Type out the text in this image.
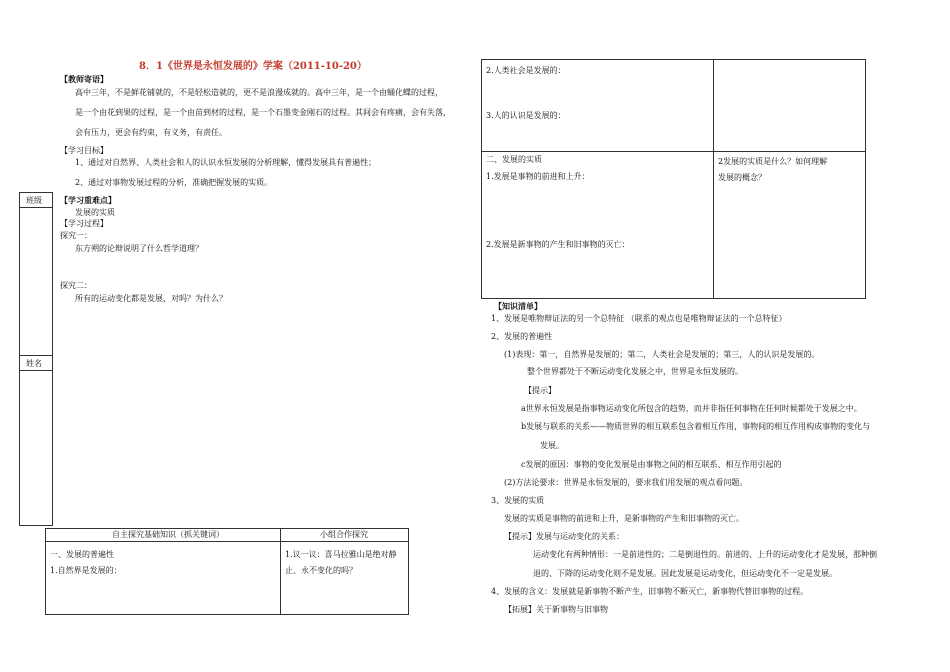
8．1《世界是永恒发展的》学案（2011-10-20）
班级
姓名
【教师寄语】
高中三年，不是鲜花铺就的，不是轻松造就的，更不是浪漫成就的。高中三年，是一个由蛹化蝶的过程，
是一个由花到果的过程，是一个由苗到材的过程，是一个石墨变金刚石的过程。其间会有疼痛，会有失落，
会有压力，更会有约束，有义务，有责任。
【学习目标】
1、通过对自然界、人类社会和人的认识永恒发展的分析理解，懂得发展具有普遍性；
2、通过对事物发展过程的分析，准确把握发展的实质。
【学习重难点】
发展的实质
【学习过程】
探究一：
东方朔的论辩说明了什么哲学道理？
探究二：
所有的运动变化都是发展，对吗？为什么？
自主探究基础知识（抓关键词）	小组合作探究
一、发展的普遍性
1.自然界是发展的：
1.议一议：喜马拉雅山是绝对静
止、永不变化的吗？
2.人类社会是发展的：
3.人的认识是发展的：
二、发展的实质
1.发展是事物的前进和上升：
2.发展是新事物的产生和旧事物的灭亡：
2发展的实质是什么？如何理解
发展的概念？
【知识清单】
1、发展是唯物辩证法的另一个总特征 （联系的观点也是唯物辩证法的一个总特征）
2、发展的普遍性
(1)表现：第一，自然界是发展的；第二，人类社会是发展的；第三，人的认识是发展的。
整个世界都处于不断运动变化发展之中，世界是永恒发展的。
【提示】
a世界永恒发展是指事物运动变化所包含的趋势，而并非指任何事物在任何时候都处于发展之中。
b发展与联系的关系——物质世界的相互联系包含着相互作用，事物间的相互作用构成事物的变化与
发展。
c发展的原因：事物的变化发展是由事物之间的相互联系、相互作用引起的
(2)方法论要求：世界是永恒发展的，要求我们用发展的观点看问题。
3、发展的实质
发展的实质是事物的前进和上升，是新事物的产生和旧事物的灭亡。
【提示】发展与运动变化的关系：
运动变化有两种情形：一是前进性的；二是倒退性的。前进的、上升的运动变化才是发展，那种倒
退的、下降的运动变化则不是发展。因此发展是运动变化，但运动变化不一定是发展。
4、发展的含义：发展就是新事物不断产生，旧事物不断灭亡，新事物代替旧事物的过程。
【拓展】关于新事物与旧事物
